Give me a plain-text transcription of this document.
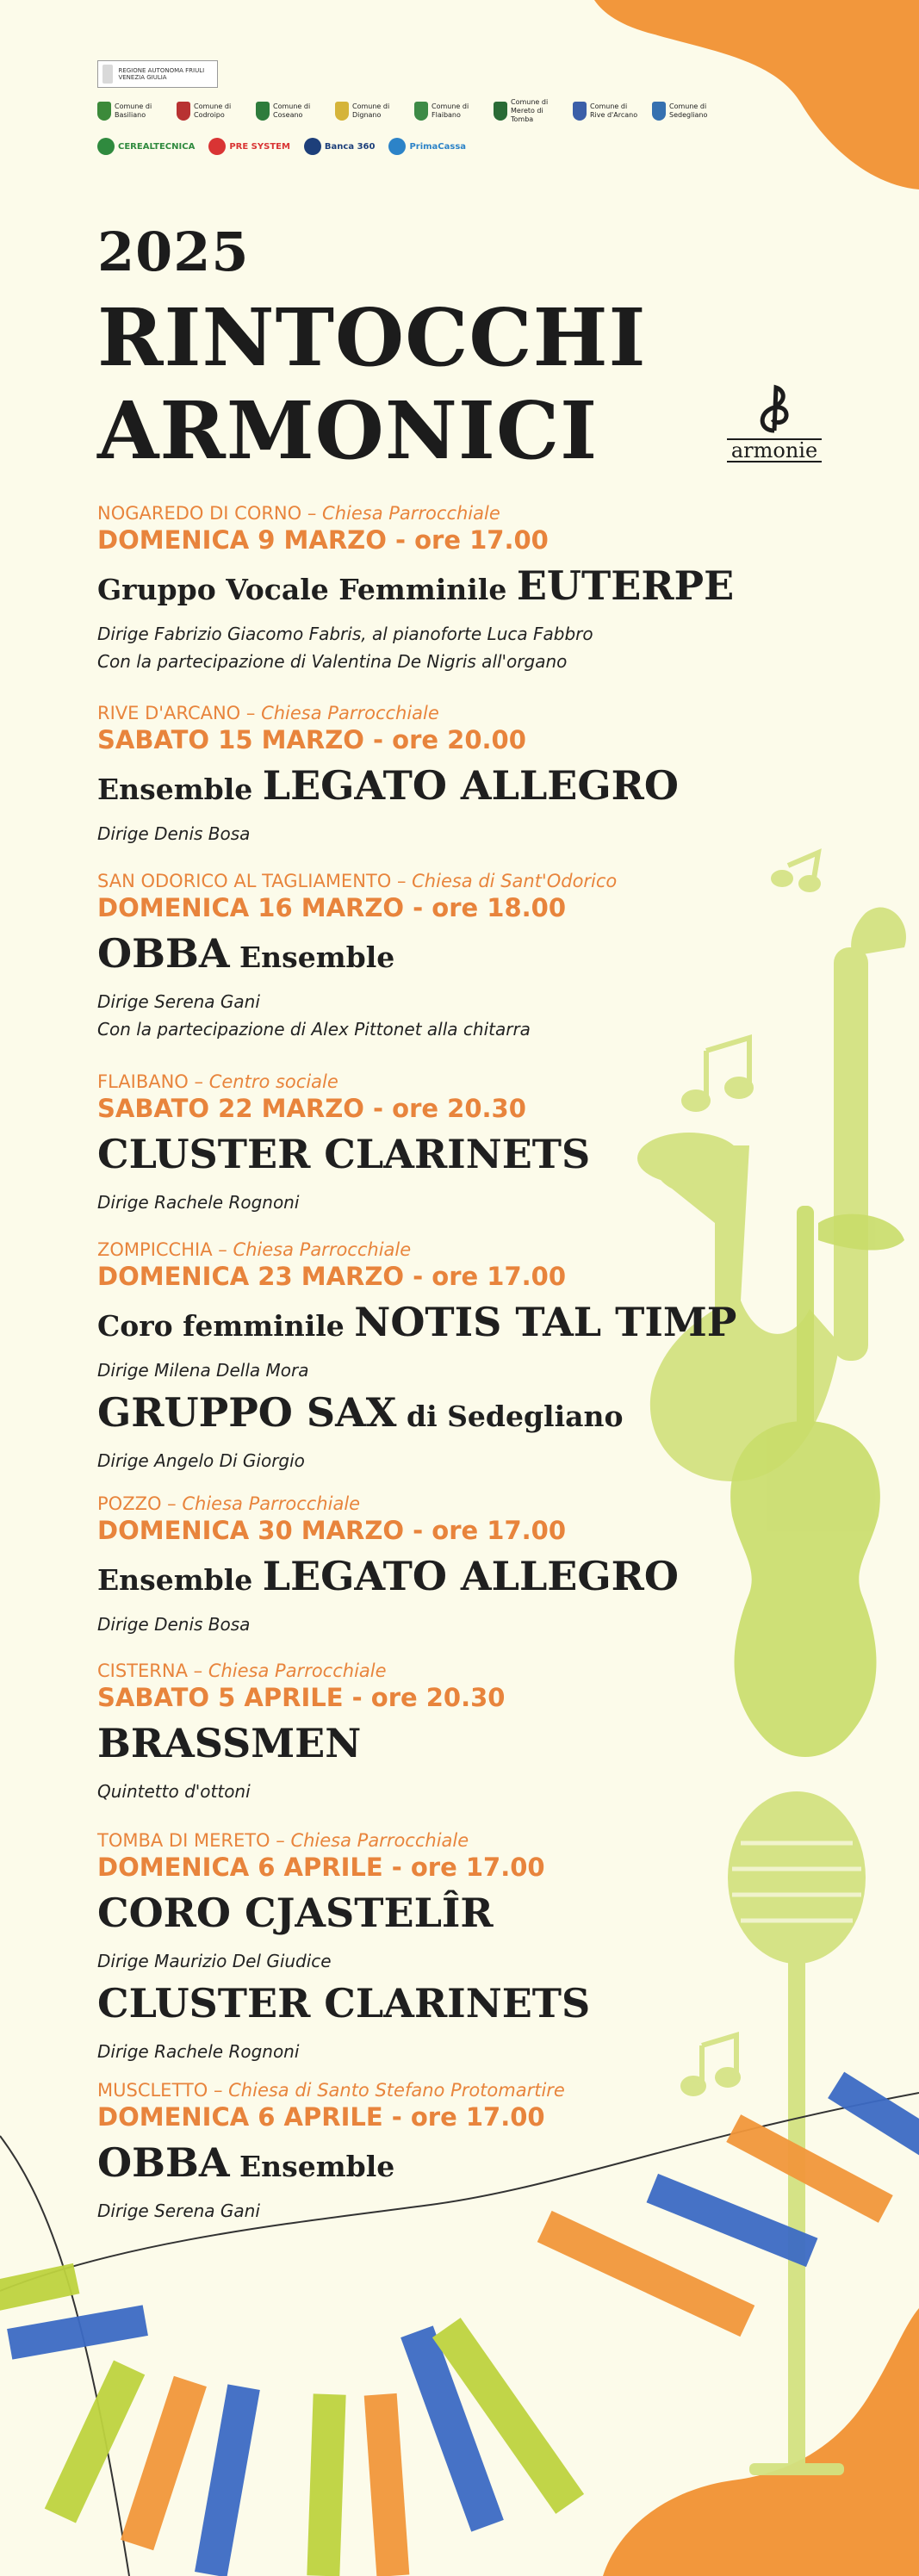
REGIONE AUTONOMA FRIULI VENEZIA GIULIA
Comune di
Basiliano
Comune di
Codroipo
Comune di
Coseano
Comune di
Dignano
Comune di
Flaibano
Comune di
Mereto di Tomba
Comune di
Rive d'Arcano
Comune di
Sedegliano
CEREALTECNICA	PRE SYSTEM	Banca 360	PrimaCassa
2025
RINTOCCHI
ARMONICI	armonie
NOGAREDO DI CORNO – Chiesa Parrocchiale
DOMENICA 9 MARZO - ore 17.00
Gruppo Vocale Femminile EUTERPE
Dirige Fabrizio Giacomo Fabris, al pianoforte Luca Fabbro
Con la partecipazione di Valentina De Nigris all'organo
RIVE D'ARCANO – Chiesa Parrocchiale
SABATO 15 MARZO - ore 20.00
Ensemble LEGATO ALLEGRO
Dirige Denis Bosa
SAN ODORICO AL TAGLIAMENTO – Chiesa di Sant'Odorico
DOMENICA 16 MARZO - ore 18.00
OBBA Ensemble
Dirige Serena Gani
Con la partecipazione di Alex Pittonet alla chitarra
FLAIBANO – Centro sociale
SABATO 22 MARZO - ore 20.30
CLUSTER CLARINETS
Dirige Rachele Rognoni
ZOMPICCHIA – Chiesa Parrocchiale
DOMENICA 23 MARZO - ore 17.00
Coro femminile NOTIS TAL TIMP
Dirige Milena Della Mora
GRUPPO SAX di Sedegliano
Dirige Angelo Di Giorgio
POZZO – Chiesa Parrocchiale
DOMENICA 30 MARZO - ore 17.00
Ensemble LEGATO ALLEGRO
Dirige Denis Bosa
CISTERNA – Chiesa Parrocchiale
SABATO 5 APRILE - ore 20.30
BRASSMEN
Quintetto d'ottoni
TOMBA DI MERETO – Chiesa Parrocchiale
DOMENICA 6 APRILE - ore 17.00
CORO CJASTELÎR
Dirige Maurizio Del Giudice
CLUSTER CLARINETS
Dirige Rachele Rognoni
MUSCLETTO – Chiesa di Santo Stefano Protomartire
DOMENICA 6 APRILE - ore 17.00
OBBA Ensemble
Dirige Serena Gani
